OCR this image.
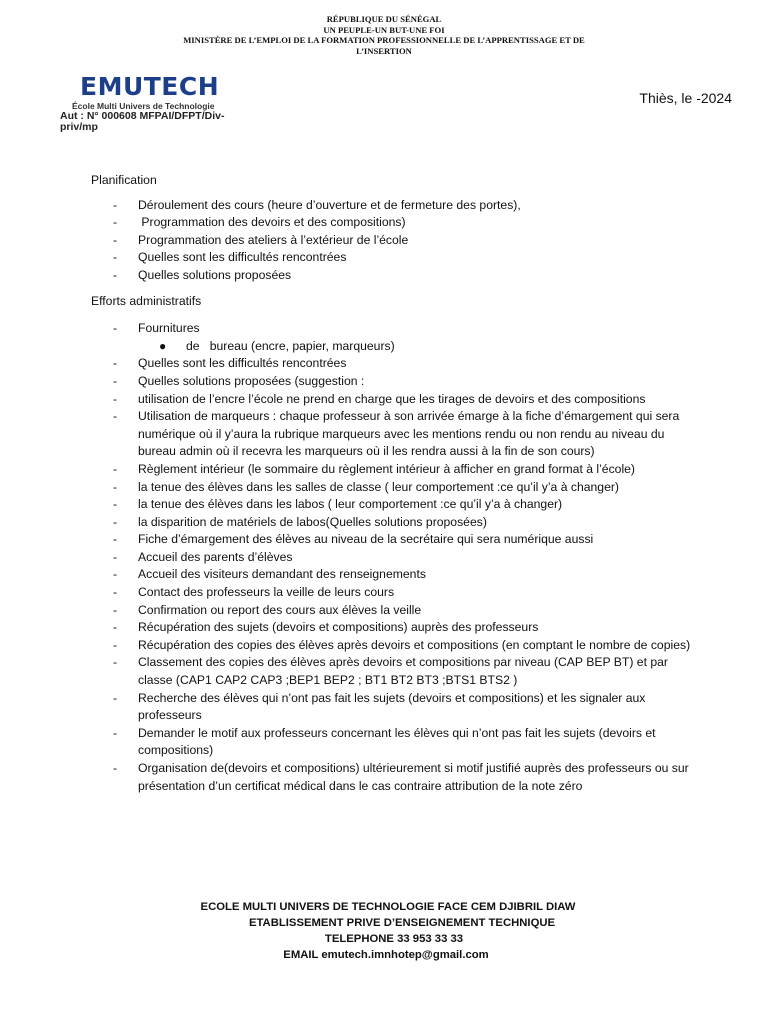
RÉPUBLIQUE DU SÉNÉGAL
UN PEUPLE-UN BUT-UNE FOI
MINISTÈRE DE L’EMPLOI DE LA FORMATION PROFESSIONNELLE DE L’APPRENTISSAGE ET DE
L’INSERTION
EMUTECH
École Multi Univers de Technologie
Aut : N° 000608 MFPAI/DFPT/Div-priv/mp
Thiès, le -2024

Planification

- Déroulement des cours (heure d’ouverture et de fermeture des portes),
- Programmation des devoirs et des compositions)
- Programmation des ateliers à l’extérieur de l’école
- Quelles sont les difficultés rencontrées
- Quelles solutions proposées

Efforts administratifs

- Fournitures
● de   bureau (encre, papier, marqueurs)
- Quelles sont les difficultés rencontrées
- Quelles solutions proposées (suggestion :
- utilisation de l’encre l’école ne prend en charge que les tirages de devoirs et des compositions
- Utilisation de marqueurs : chaque professeur à son arrivée émarge à la fiche d’émargement qui sera numérique où il y’aura la rubrique marqueurs avec les mentions rendu ou non rendu au niveau du bureau admin où il recevra les marqueurs où il les rendra aussi à la fin de son cours)
- Règlement intérieur (le sommaire du règlement intérieur à afficher en grand format à l’école)
- la tenue des élèves dans les salles de classe ( leur comportement :ce qu’il y’a à changer)
- la tenue des élèves dans les labos ( leur comportement :ce qu’il y’a à changer)
- la disparition de matériels de labos(Quelles solutions proposées)
- Fiche d’émargement des élèves au niveau de la secrétaire qui sera numérique aussi
- Accueil des parents d’élèves
- Accueil des visiteurs demandant des renseignements
- Contact des professeurs la veille de leurs cours
- Confirmation ou report des cours aux élèves la veille
- Récupération des sujets (devoirs et compositions) auprès des professeurs
- Récupération des copies des élèves après devoirs et compositions (en comptant le nombre de copies)
- Classement des copies des élèves après devoirs et compositions par niveau (CAP BEP BT) et par classe (CAP1 CAP2 CAP3 ;BEP1 BEP2 ; BT1 BT2 BT3 ;BTS1 BTS2 )
- Recherche des élèves qui n’ont pas fait les sujets (devoirs et compositions) et les signaler aux professeurs
- Demander le motif aux professeurs concernant les élèves qui n’ont pas fait les sujets (devoirs et compositions)
- Organisation de(devoirs et compositions) ultérieurement si motif justifié auprès des professeurs ou sur présentation d’un certificat médical dans le cas contraire attribution de la note zéro
ECOLE MULTI UNIVERS DE TECHNOLOGIE FACE CEM DJIBRIL DIAW
ETABLISSEMENT PRIVE D’ENSEIGNEMENT TECHNIQUE
TELEPHONE 33 953 33 33
EMAIL emutech.imnhotep@gmail.com
